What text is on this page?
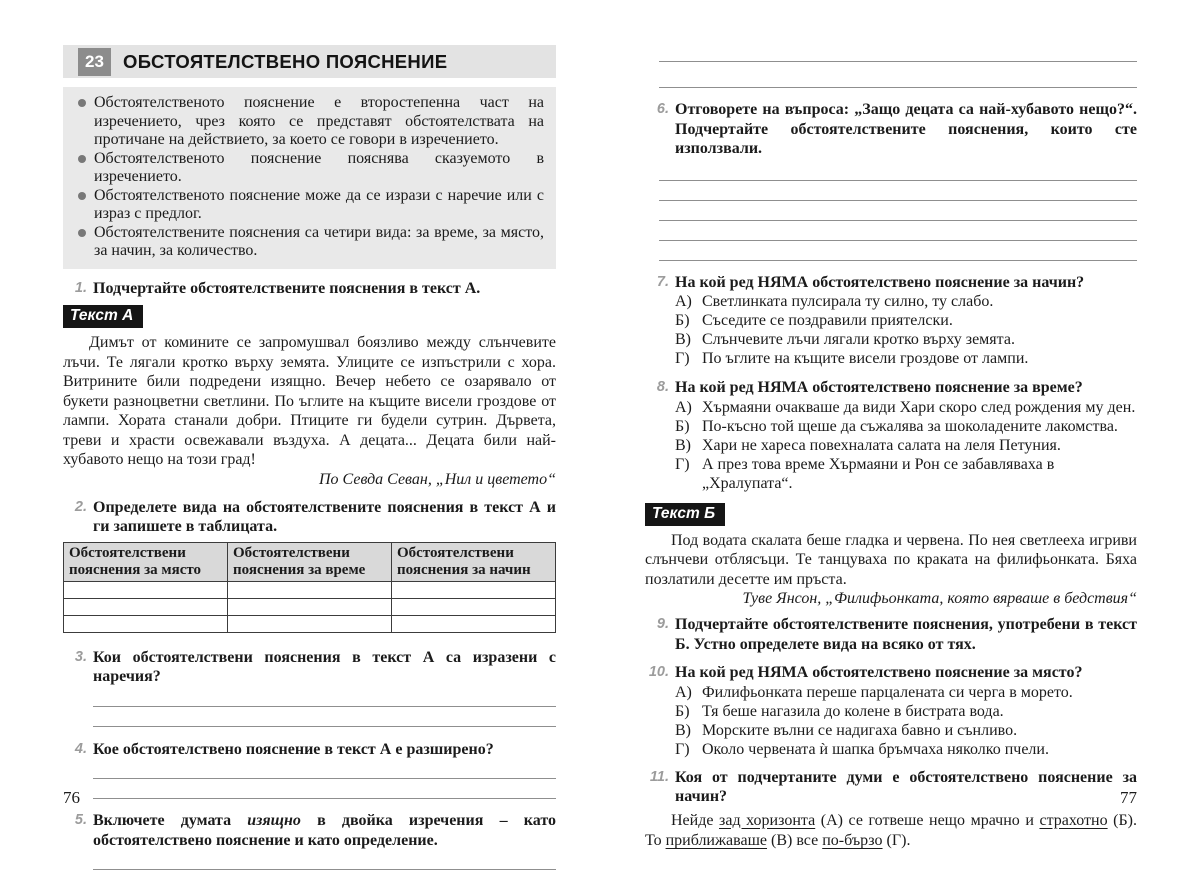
23	ОБСТОЯТЕЛСТВЕНО ПОЯСНЕНИЕ
Обстоятелственото пояснение е второстепенна част на изречението, чрез която се представят обстоятелствата на протичане на действието, за което се говори в изречението.
Обстоятелственото пояснение пояснява сказуемото в изречението.
Обстоятелственото пояснение може да се изрази с наречие или с израз с предлог.
Обстоятелствените пояснения са четири вида: за време, за място, за начин, за количество.
1. Подчертайте обстоятелствените пояснения в текст А.
Текст А

Димът от комините се запромушвал боязливо между слънчевите лъчи. Те лягали кротко върху земята. Улиците се изпъстрили с хора. Витрините били подредени изящно. Вечер небето се озарявало от букети разноцветни светлини. По ъглите на къщите висели гроздове от лампи. Хората станали добри. Птиците ги будели сутрин. Дървета, треви и храсти освежавали въздуха. А децата... Децата били най-хубавото нещо на този град!

По Севда Севан, „Нил и цветето“

2. Определете вида на обстоятелствените пояснения в текст А и ги запишете в таблицата.
Обстоятелствени пояснения за място	Обстоятелствени пояснения за време	Обстоятелствени пояснения за начин

3. Кои обстоятелствени пояснения в текст А са изразени с наречия?
4. Кое обстоятелствено пояснение в текст А е разширено?
5. Включете думата изящно в двойка изречения – като обстоятелствено пояснение и като определение.
76
6. Отговорете на въпроса: „Защо децата са най-хубавото нещо?“. Подчертайте обстоятелствените пояснения, които сте използвали.
7. На кой ред НЯМА обстоятелствено пояснение за начин?
А) Светлинката пулсирала ту силно, ту слабо.
Б) Съседите се поздравили приятелски.
В) Слънчевите лъчи лягали кротко върху земята.
Г) По ъглите на къщите висели гроздове от лампи.
8. На кой ред НЯМА обстоятелствено пояснение за време?
А) Хърмаяни очакваше да види Хари скоро след рождения му ден.
Б) По-късно той щеше да съжалява за шоколадените лакомства.
В) Хари не хареса повехналата салата на леля Петуния.
Г) А през това време Хърмаяни и Рон се забавляваха в „Хралупата“.
Текст Б

Под водата скалата беше гладка и червена. По нея светлееха игриви слънчеви отблясъци. Те танцуваха по краката на филифьонката. Бяха позлатили десетте им пръста.

Туве Янсон, „Филифьонката, която вярваше в бедствия“

9. Подчертайте обстоятелствените пояснения, употребени в текст Б. Устно определете вида на всяко от тях.
10. На кой ред НЯМА обстоятелствено пояснение за място?
А) Филифьонката переше парцалената си черга в морето.
Б) Тя беше нагазила до колене в бистрата вода.
В) Морските вълни се надигаха бавно и сънливо.
Г) Около червената ѝ шапка бръмчаха няколко пчели.
11. Коя от подчертаните думи е обстоятелствено пояснение за начин?

Нейде зад хоризонта (А) се готвеше нещо мрачно и страхотно (Б). То приближаваше (В) все по-бързо (Г).

77
